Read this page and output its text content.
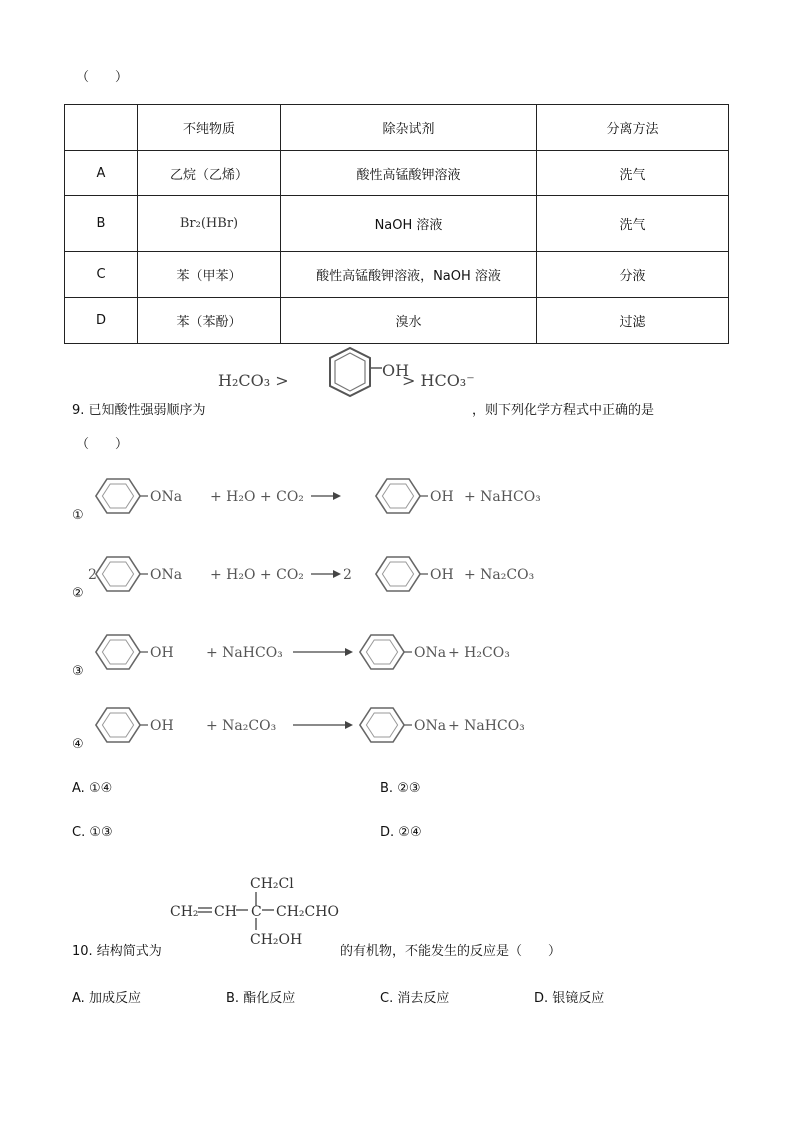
（　　）
	不纯物质	除杂试剂	分离方法
A	乙烷（乙烯）	酸性高锰酸钾溶液	洗气
B	Br₂(HBr)	NaOH 溶液	洗气
C	苯（甲苯）	酸性高锰酸钾溶液，NaOH 溶液	分液
D	苯（苯酚）	溴水	过滤
H₂CO₃ >
OH
> HCO₃⁻
9. 已知酸性强弱顺序为	，则下列化学方程式中正确的是
（　　）
ONa + H₂O + CO₂	OH + NaHCO₃
①
2	ONa + H₂O + CO₂	2	OH + Na₂CO₃
②
OH + NaHCO₃	ONa + H₂CO₃
③
OH + Na₂CO₃	ONa + NaHCO₃
④
A. ①④	B. ②③
C. ①③	D. ②④
CH₂Cl
CH₂ CH C CH₂CHO
CH₂OH
10. 结构简式为	的有机物，不能发生的反应是（　　）
A. 加成反应	B. 酯化反应	C. 消去反应	D. 银镜反应
